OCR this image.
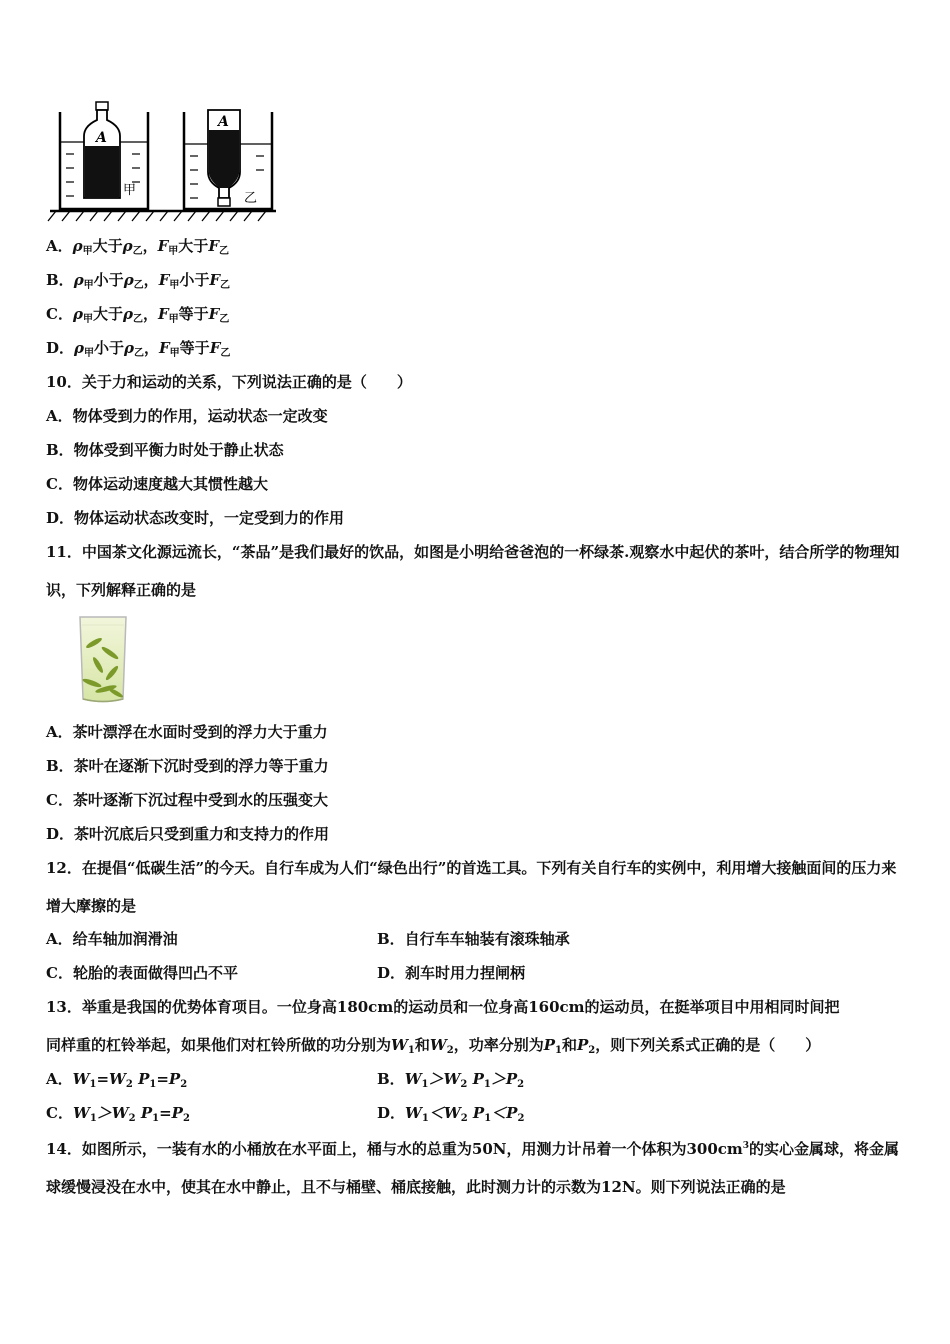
A
甲
A
乙
A．$\rho_甲$大于$\rho_乙$，$F_甲$大于$F_乙$
B．$\rho_甲$小于$\rho_乙$，$F_甲$小于$F_乙$
C．$\rho_甲$大于$\rho_乙$，$F_甲$等于$F_乙$
D．$\rho_甲$小于$\rho_乙$，$F_甲$等于$F_乙$
10．关于力和运动的关系，下列说法正确的是（　　）
A．物体受到力的作用，运动状态一定改变
B．物体受到平衡力时处于静止状态
C．物体运动速度越大其惯性越大
D．物体运动状态改变时，一定受到力的作用
11．中国茶文化源远流长，“茶品”是我们最好的饮品，如图是小明给爸爸泡的一杯绿茶.观察水中起伏的茶叶，结合所学的物理知识，下列解释正确的是
A．茶叶漂浮在水面时受到的浮力大于重力
B．茶叶在逐渐下沉时受到的浮力等于重力
C．茶叶逐渐下沉过程中受到水的压强变大
D．茶叶沉底后只受到重力和支持力的作用
12．在提倡“低碳生活”的今天。自行车成为人们“绿色出行”的首选工具。下列有关自行车的实例中，利用增大接触面间的压力来增大摩擦的是
A．给车轴加润滑油	B．自行车车轴装有滚珠轴承
C．轮胎的表面做得凹凸不平	D．刹车时用力捏闸柄
13．举重是我国的优势体育项目。一位身高180cm的运动员和一位身高160cm的运动员，在挺举项目中用相同时间把
同样重的杠铃举起，如果他们对杠铃所做的功分别为$W_1$和$W_2$，功率分别为$P_1$和$P_2$，则下列关系式正确的是（　　）
A．$W_1=W_2$ $P_1=P_2$	B．$W_1>W_2$ $P_1>P_2$
C．$W_1>W_2$ $P_1=P_2$	D．$W_1<W_2$ $P_1<P_2$
14．如图所示，一装有水的小桶放在水平面上，桶与水的总重为50N，用测力计吊着一个体积为$300cm^3$的实心金属球，将金属球缓慢浸没在水中，使其在水中静止，且不与桶壁、桶底接触，此时测力计的示数为12N。则下列说法正确的是
